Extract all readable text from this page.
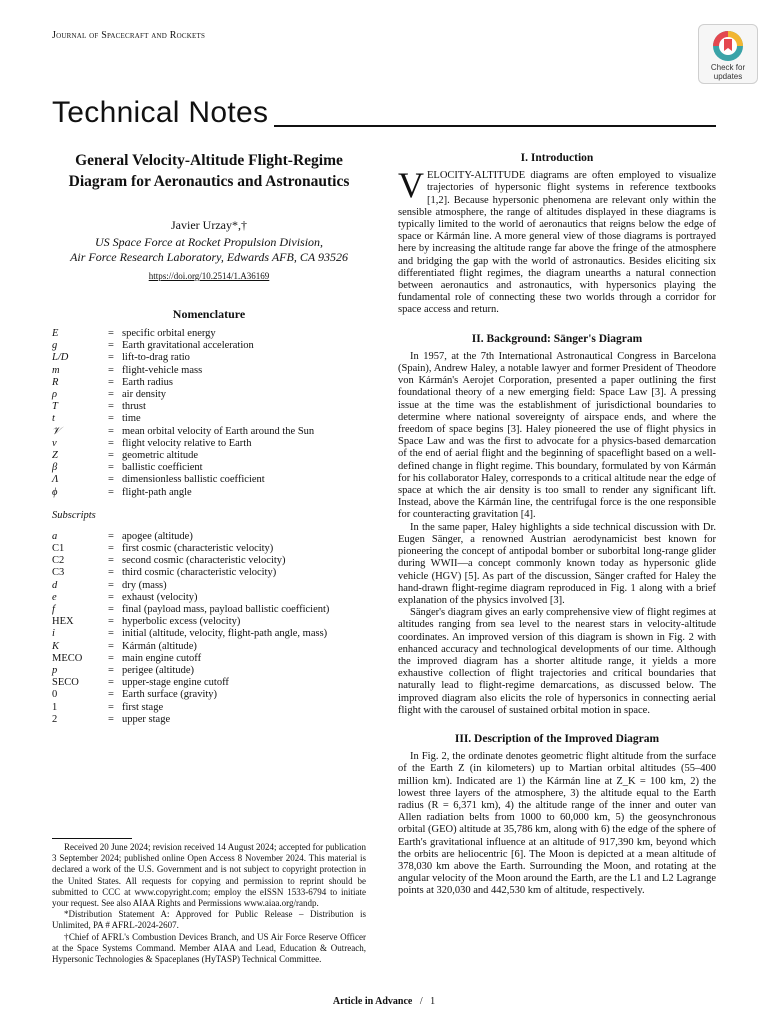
Journal of Spacecraft and Rockets
Check for
updates
Technical Notes
General Velocity-Altitude Flight-Regime Diagram for Aeronautics and Astronautics
Javier Urzay*,†
US Space Force at Rocket Propulsion Division,
Air Force Research Laboratory, Edwards AFB, CA 93526
https://doi.org/10.2514/1.A36169
Nomenclature
E	= specific orbital energy
g	= Earth gravitational acceleration
L/D	= lift-to-drag ratio
m	= flight-vehicle mass
R	= Earth radius
ρ	= air density
T	= thrust
t	= time
𝒱	= mean orbital velocity of Earth around the Sun
v	= flight velocity relative to Earth
Z	= geometric altitude
β	= ballistic coefficient
Λ	= dimensionless ballistic coefficient
ϕ	= flight-path angle
Subscripts
a	= apogee (altitude)
C1	= first cosmic (characteristic velocity)
C2	= second cosmic (characteristic velocity)
C3	= third cosmic (characteristic velocity)
d	= dry (mass)
e	= exhaust (velocity)
f	= final (payload mass, payload ballistic coefficient)
HEX	= hyperbolic excess (velocity)
i	= initial (altitude, velocity, flight-path angle, mass)
K	= Kármán (altitude)
MECO	= main engine cutoff
p	= perigee (altitude)
SECO	= upper-stage engine cutoff
0	= Earth surface (gravity)
1	= first stage
2	= upper stage

Received 20 June 2024; revision received 14 August 2024; accepted for publication 3 September 2024; published online Open Access 8 November 2024. This material is declared a work of the U.S. Government and is not subject to copyright protection in the United States. All requests for copying and permission to reprint should be submitted to CCC at www.copyright.com; employ the eISSN 1533-6794 to initiate your request. See also AIAA Rights and Permissions www.aiaa.org/randp.

*Distribution Statement A: Approved for Public Release – Distribution is Unlimited, PA # AFRL-2024-2607.

†Chief of AFRL's Combustion Devices Branch, and US Air Force Reserve Officer at the Space Systems Command. Member AIAA and Lead, Education & Outreach, Hypersonic Technologies & Spaceplanes (HyTASP) Technical Committee.

I. Introduction

VELOCITY-ALTITUDE diagrams are often employed to visualize trajectories of hypersonic flight systems in reference textbooks [1,2]. Because hypersonic phenomena are relevant only within the sensible atmosphere, the range of altitudes displayed in these diagrams is typically limited to the world of aeronautics that reigns below the edge of space or Kármán line. A more general view of those diagrams is portrayed here by increasing the altitude range far above the fringe of the atmosphere and bridging the gap with the world of astronautics. Besides eliciting six differentiated flight regimes, the diagram unearths a natural connection between aeronautics and astronautics, with hypersonics playing the fundamental role of connecting these two worlds through a corridor for space access and return.

II. Background: Sänger's Diagram

In 1957, at the 7th International Astronautical Congress in Barcelona (Spain), Andrew Haley, a notable lawyer and former President of Theodore von Kármán's Aerojet Corporation, presented a paper outlining the first foundational theory of a new emerging field: Space Law [3]. A pressing issue at the time was the establishment of jurisdictional boundaries to determine where national sovereignty of airspace ends, and where the freedom of space begins [3]. Haley pioneered the use of flight physics in Space Law and was the first to advocate for a physics-based demarcation of the end of aerial flight and the beginning of spaceflight based on a well-defined change in flight regime. This boundary, formulated by von Kármán for his collaborator Haley, corresponds to a critical altitude near the edge of space at which the air density is too small to render any significant lift. Instead, above the Kármán line, the centrifugal force is the one responsible for counteracting gravitation [4].

In the same paper, Haley highlights a side technical discussion with Dr. Eugen Sänger, a renowned Austrian aerodynamicist best known for pioneering the concept of antipodal bomber or suborbital long-range glider during WWII—a concept commonly known today as hypersonic glide vehicle (HGV) [5]. As part of the discussion, Sänger crafted for Haley the hand-drawn flight-regime diagram reproduced in Fig. 1 along with a brief explanation of the physics involved [3].

Sänger's diagram gives an early comprehensive view of flight regimes at altitudes ranging from sea level to the nearest stars in velocity-altitude coordinates. An improved version of this diagram is shown in Fig. 2 with enhanced accuracy and technological developments of our time. Although the improved diagram has a shorter altitude range, it yields a more exhaustive collection of flight trajectories and critical boundaries that naturally lead to flight-regime demarcations, as discussed below. The improved diagram also elicits the role of hypersonics in connecting aerial flight with the carousel of sustained orbital motion in space.

III. Description of the Improved Diagram

In Fig. 2, the ordinate denotes geometric flight altitude from the surface of the Earth Z (in kilometers) up to Martian orbital altitudes (55–400 million km). Indicated are 1) the Kármán line at Z_K = 100 km, 2) the lowest three layers of the atmosphere, 3) the altitude equal to the Earth radius (R = 6,371 km), 4) the altitude range of the inner and outer van Allen radiation belts from 1000 to 60,000 km, 5) the geosynchronous orbital (GEO) altitude at 35,786 km, along with 6) the edge of the sphere of Earth's gravitational influence at an altitude of 917,390 km, beyond which the orbits are heliocentric [6]. The Moon is depicted at a mean altitude of 378,030 km above the Earth. Surrounding the Moon, and rotating at the angular velocity of the Moon around the Earth, are the L1 and L2 Lagrange points at 320,030 and 442,530 km of altitude, respectively.

Article in Advance / 1
